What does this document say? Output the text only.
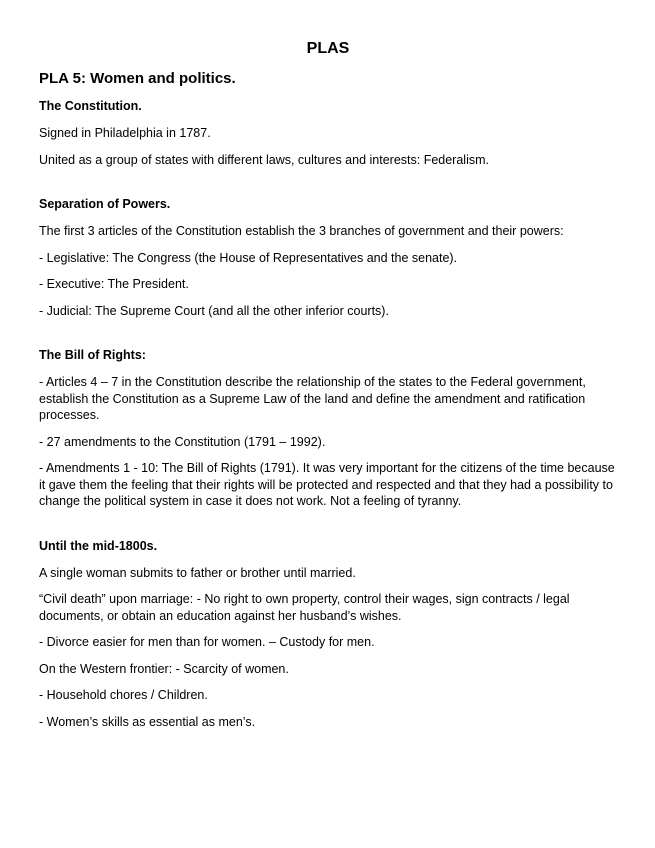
PLAS
PLA 5: Women and politics.
The Constitution.

Signed in Philadelphia in 1787.

United as a group of states with different laws, cultures and interests: Federalism.

Separation of Powers.

The first 3 articles of the Constitution establish the 3 branches of government and their powers:

- Legislative: The Congress (the House of Representatives and the senate).

- Executive: The President.

- Judicial: The Supreme Court (and all the other inferior courts).

The Bill of Rights:

- Articles 4 – 7 in the Constitution describe the relationship of the states to the Federal government, establish the Constitution as a Supreme Law of the land and define the amendment and ratification processes.

- 27 amendments to the Constitution (1791 – 1992).

- Amendments 1 - 10: The Bill of Rights (1791). It was very important for the citizens of the time because it gave them the feeling that their rights will be protected and respected and that they had a possibility to change the political system in case it does not work. Not a feeling of tyranny.

Until the mid-1800s.

A single woman submits to father or brother until married.

“Civil death” upon marriage: - No right to own property, control their wages, sign contracts / legal documents, or obtain an education against her husband’s wishes.

- Divorce easier for men than for women. – Custody for men.

On the Western frontier: - Scarcity of women.

- Household chores / Children.

- Women’s skills as essential as men’s.
